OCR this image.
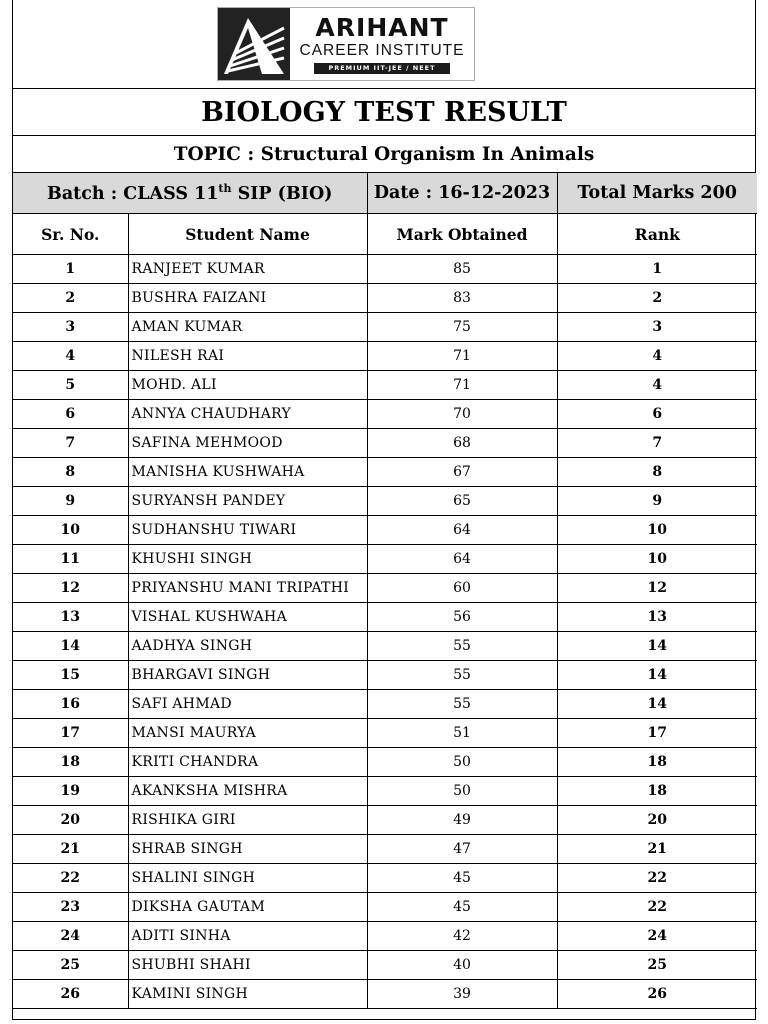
ARIHANT
CAREER INSTITUTE
PREMIUM IIT-JEE / NEET
BIOLOGY TEST RESULT
TOPIC : Structural Organism In Animals
Batch : CLASS 11th SIP (BIO)		Date : 16-12-2023	Total Marks 200
Sr. No.	Student Name	Mark Obtained	Rank
1	RANJEET KUMAR	85	1
2	BUSHRA FAIZANI	83	2
3	AMAN KUMAR	75	3
4	NILESH RAI	71	4
5	MOHD. ALI	71	4
6	ANNYA CHAUDHARY	70	6
7	SAFINA MEHMOOD	68	7
8	MANISHA KUSHWAHA	67	8
9	SURYANSH PANDEY	65	9
10	SUDHANSHU TIWARI	64	10
11	KHUSHI SINGH	64	10
12	PRIYANSHU MANI TRIPATHI	60	12
13	VISHAL KUSHWAHA	56	13
14	AADHYA SINGH	55	14
15	BHARGAVI SINGH	55	14
16	SAFI AHMAD	55	14
17	MANSI MAURYA	51	17
18	KRITI CHANDRA	50	18
19	AKANKSHA MISHRA	50	18
20	RISHIKA GIRI	49	20
21	SHRAB SINGH	47	21
22	SHALINI SINGH	45	22
23	DIKSHA GAUTAM	45	22
24	ADITI SINHA	42	24
25	SHUBHI SHAHI	40	25
26	KAMINI SINGH	39	26
